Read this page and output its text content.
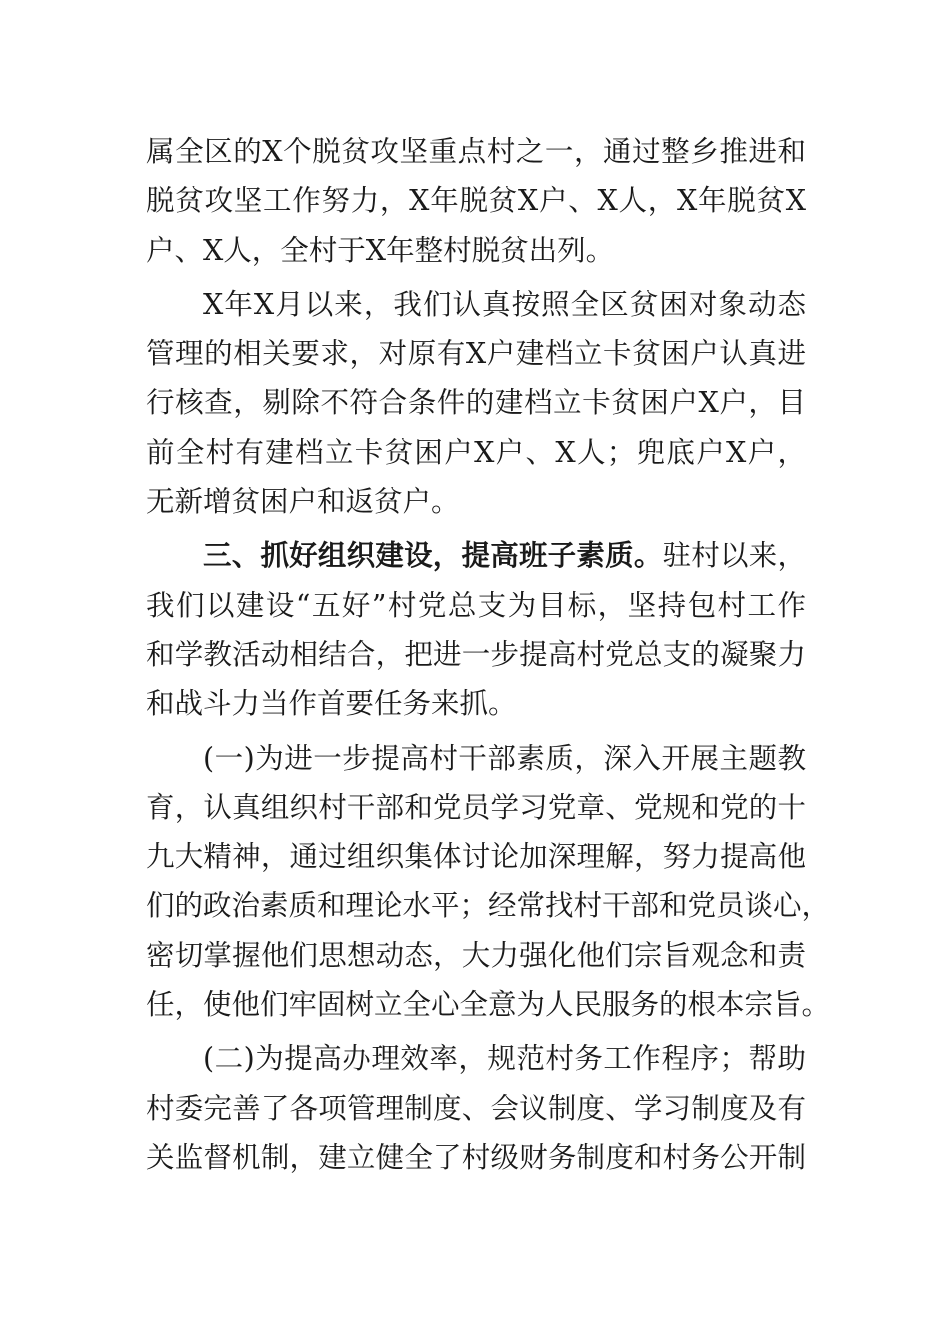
属全区的X个脱贫攻坚重点村之一，通过整乡推进和
脱贫攻坚工作努力，X年脱贫X户、X人，X年脱贫X
户、X人，全村于X年整村脱贫出列。
X年X月以来，我们认真按照全区贫困对象动态
管理的相关要求，对原有X户建档立卡贫困户认真进
行核查，剔除不符合条件的建档立卡贫困户X户，目
前全村有建档立卡贫困户X户、X人；兜底户X户，
无新增贫困户和返贫户。
三、抓好组织建设，提高班子素质。驻村以来，
我们以建设“五好”村党总支为目标，坚持包村工作
和学教活动相结合，把进一步提高村党总支的凝聚力
和战斗力当作首要任务来抓。
(一)为进一步提高村干部素质，深入开展主题教
育，认真组织村干部和党员学习党章、党规和党的十
九大精神，通过组织集体讨论加深理解，努力提高他
们的政治素质和理论水平；经常找村干部和党员谈心，
密切掌握他们思想动态，大力强化他们宗旨观念和责
任，使他们牢固树立全心全意为人民服务的根本宗旨。
(二)为提高办理效率，规范村务工作程序；帮助
村委完善了各项管理制度、会议制度、学习制度及有
关监督机制，建立健全了村级财务制度和村务公开制
